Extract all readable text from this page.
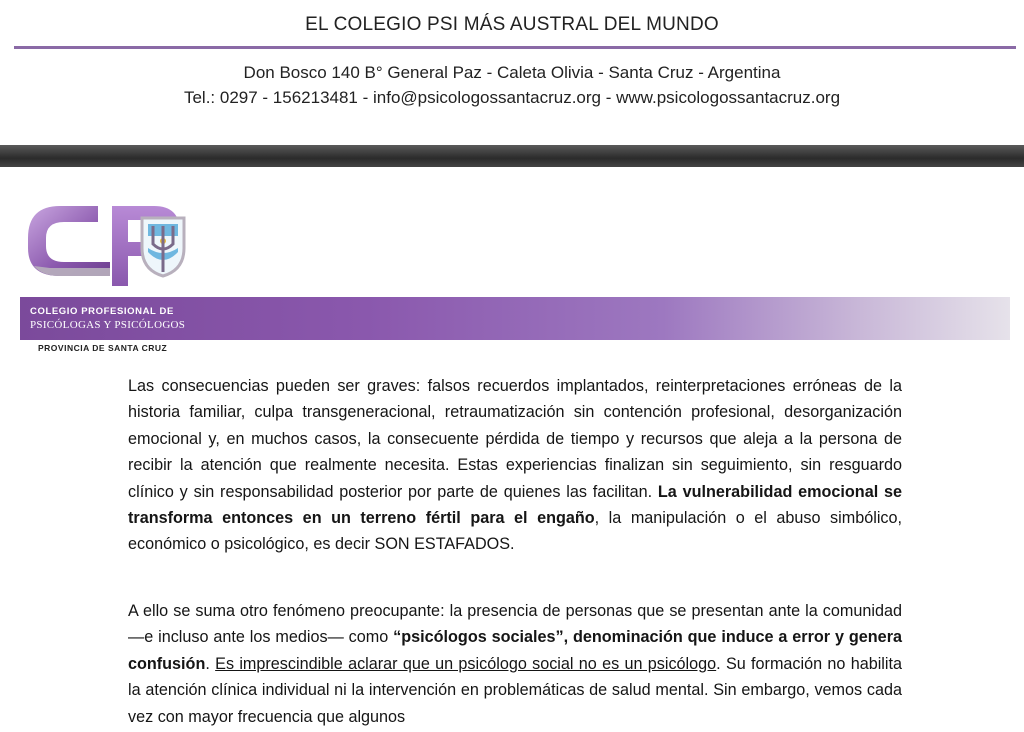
EL COLEGIO PSI MÁS AUSTRAL DEL MUNDO
Don Bosco 140 B° General Paz - Caleta Olivia - Santa Cruz - Argentina
Tel.: 0297 - 156213481 - info@psicologossantacruz.org - www.psicologossantacruz.org
COLEGIO PROFESIONAL DE
PSICÓLOGAS Y PSICÓLOGOS
PROVINCIA DE SANTA CRUZ

Las consecuencias pueden ser graves: falsos recuerdos implantados, reinterpretaciones erróneas de la historia familiar, culpa transgeneracional, retraumatización sin contención profesional, desorganización emocional y, en muchos casos, la consecuente pérdida de tiempo y recursos que aleja a la persona de recibir la atención que realmente necesita. Estas experiencias finalizan sin seguimiento, sin resguardo clínico y sin responsabilidad posterior por parte de quienes las facilitan. La vulnerabilidad emocional se transforma entonces en un terreno fértil para el engaño, la manipulación o el abuso simbólico, económico o psicológico, es decir SON ESTAFADOS.

A ello se suma otro fenómeno preocupante: la presencia de personas que se presentan ante la comunidad —e incluso ante los medios— como “psicólogos sociales”, denominación que induce a error y genera confusión. Es imprescindible aclarar que un psicólogo social no es un psicólogo. Su formación no habilita la atención clínica individual ni la intervención en problemáticas de salud mental. Sin embargo, vemos cada vez con mayor frecuencia que algunos
